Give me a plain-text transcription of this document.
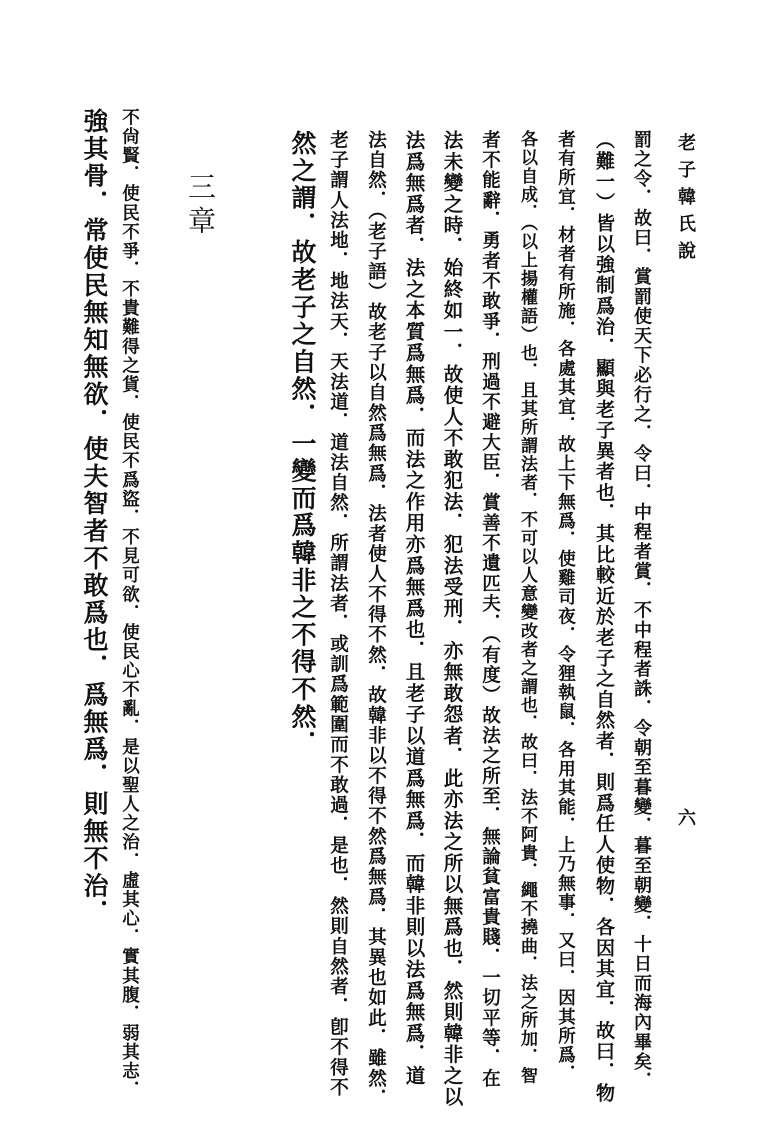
老子韓氏說
六
罰之令．故曰．賞罰使天下必行之．令曰．中程者賞．不中程者誅．令朝至暮變．暮至朝變．十日而海內畢矣．
（難一）皆以強制爲治．顯與老子異者也．其比較近於老子之自然者．則爲任人使物．各因其宜．故曰．物
者有所宜．材者有所施．各處其宜．故上下無爲．使雞司夜．令狸執鼠．各用其能．上乃無事．又曰．因其所爲．
各以自成．（以上揚權語）也．且其所謂法者．不可以人意變改者之謂也．故曰．法不阿貴．繩不撓曲．法之所加．智
者不能辭．勇者不敢爭．刑過不避大臣．賞善不遺匹夫．（有度）故法之所至．無論貧富貴賤．一切平等．在
法未變之時．始終如一．故使人不敢犯法．犯法受刑．亦無敢怨者．此亦法之所以無爲也．然則韓非之以
法爲無爲者．法之本質爲無爲．而法之作用亦爲無爲也．且老子以道爲無爲．而韓非則以法爲無爲．道
法自然．（老子語）故老子以自然爲無爲．法者使人不得不然．故韓非以不得不然爲無爲．其異也如此．雖然．
老子謂人法地．地法天．天法道．道法自然．所謂法者．或訓爲範圍而不敢過．是也．然則自然者．卽不得不
然之謂．故老子之自然．一變而爲韓非之不得不然．
三章
不尙賢．使民不爭．不貴難得之貨．使民不爲盜．不見可欲．使民心不亂．是以聖人之治．虛其心．實其腹．弱其志．
強其骨．常使民無知無欲．使夫智者不敢爲也．爲無爲．則無不治．
